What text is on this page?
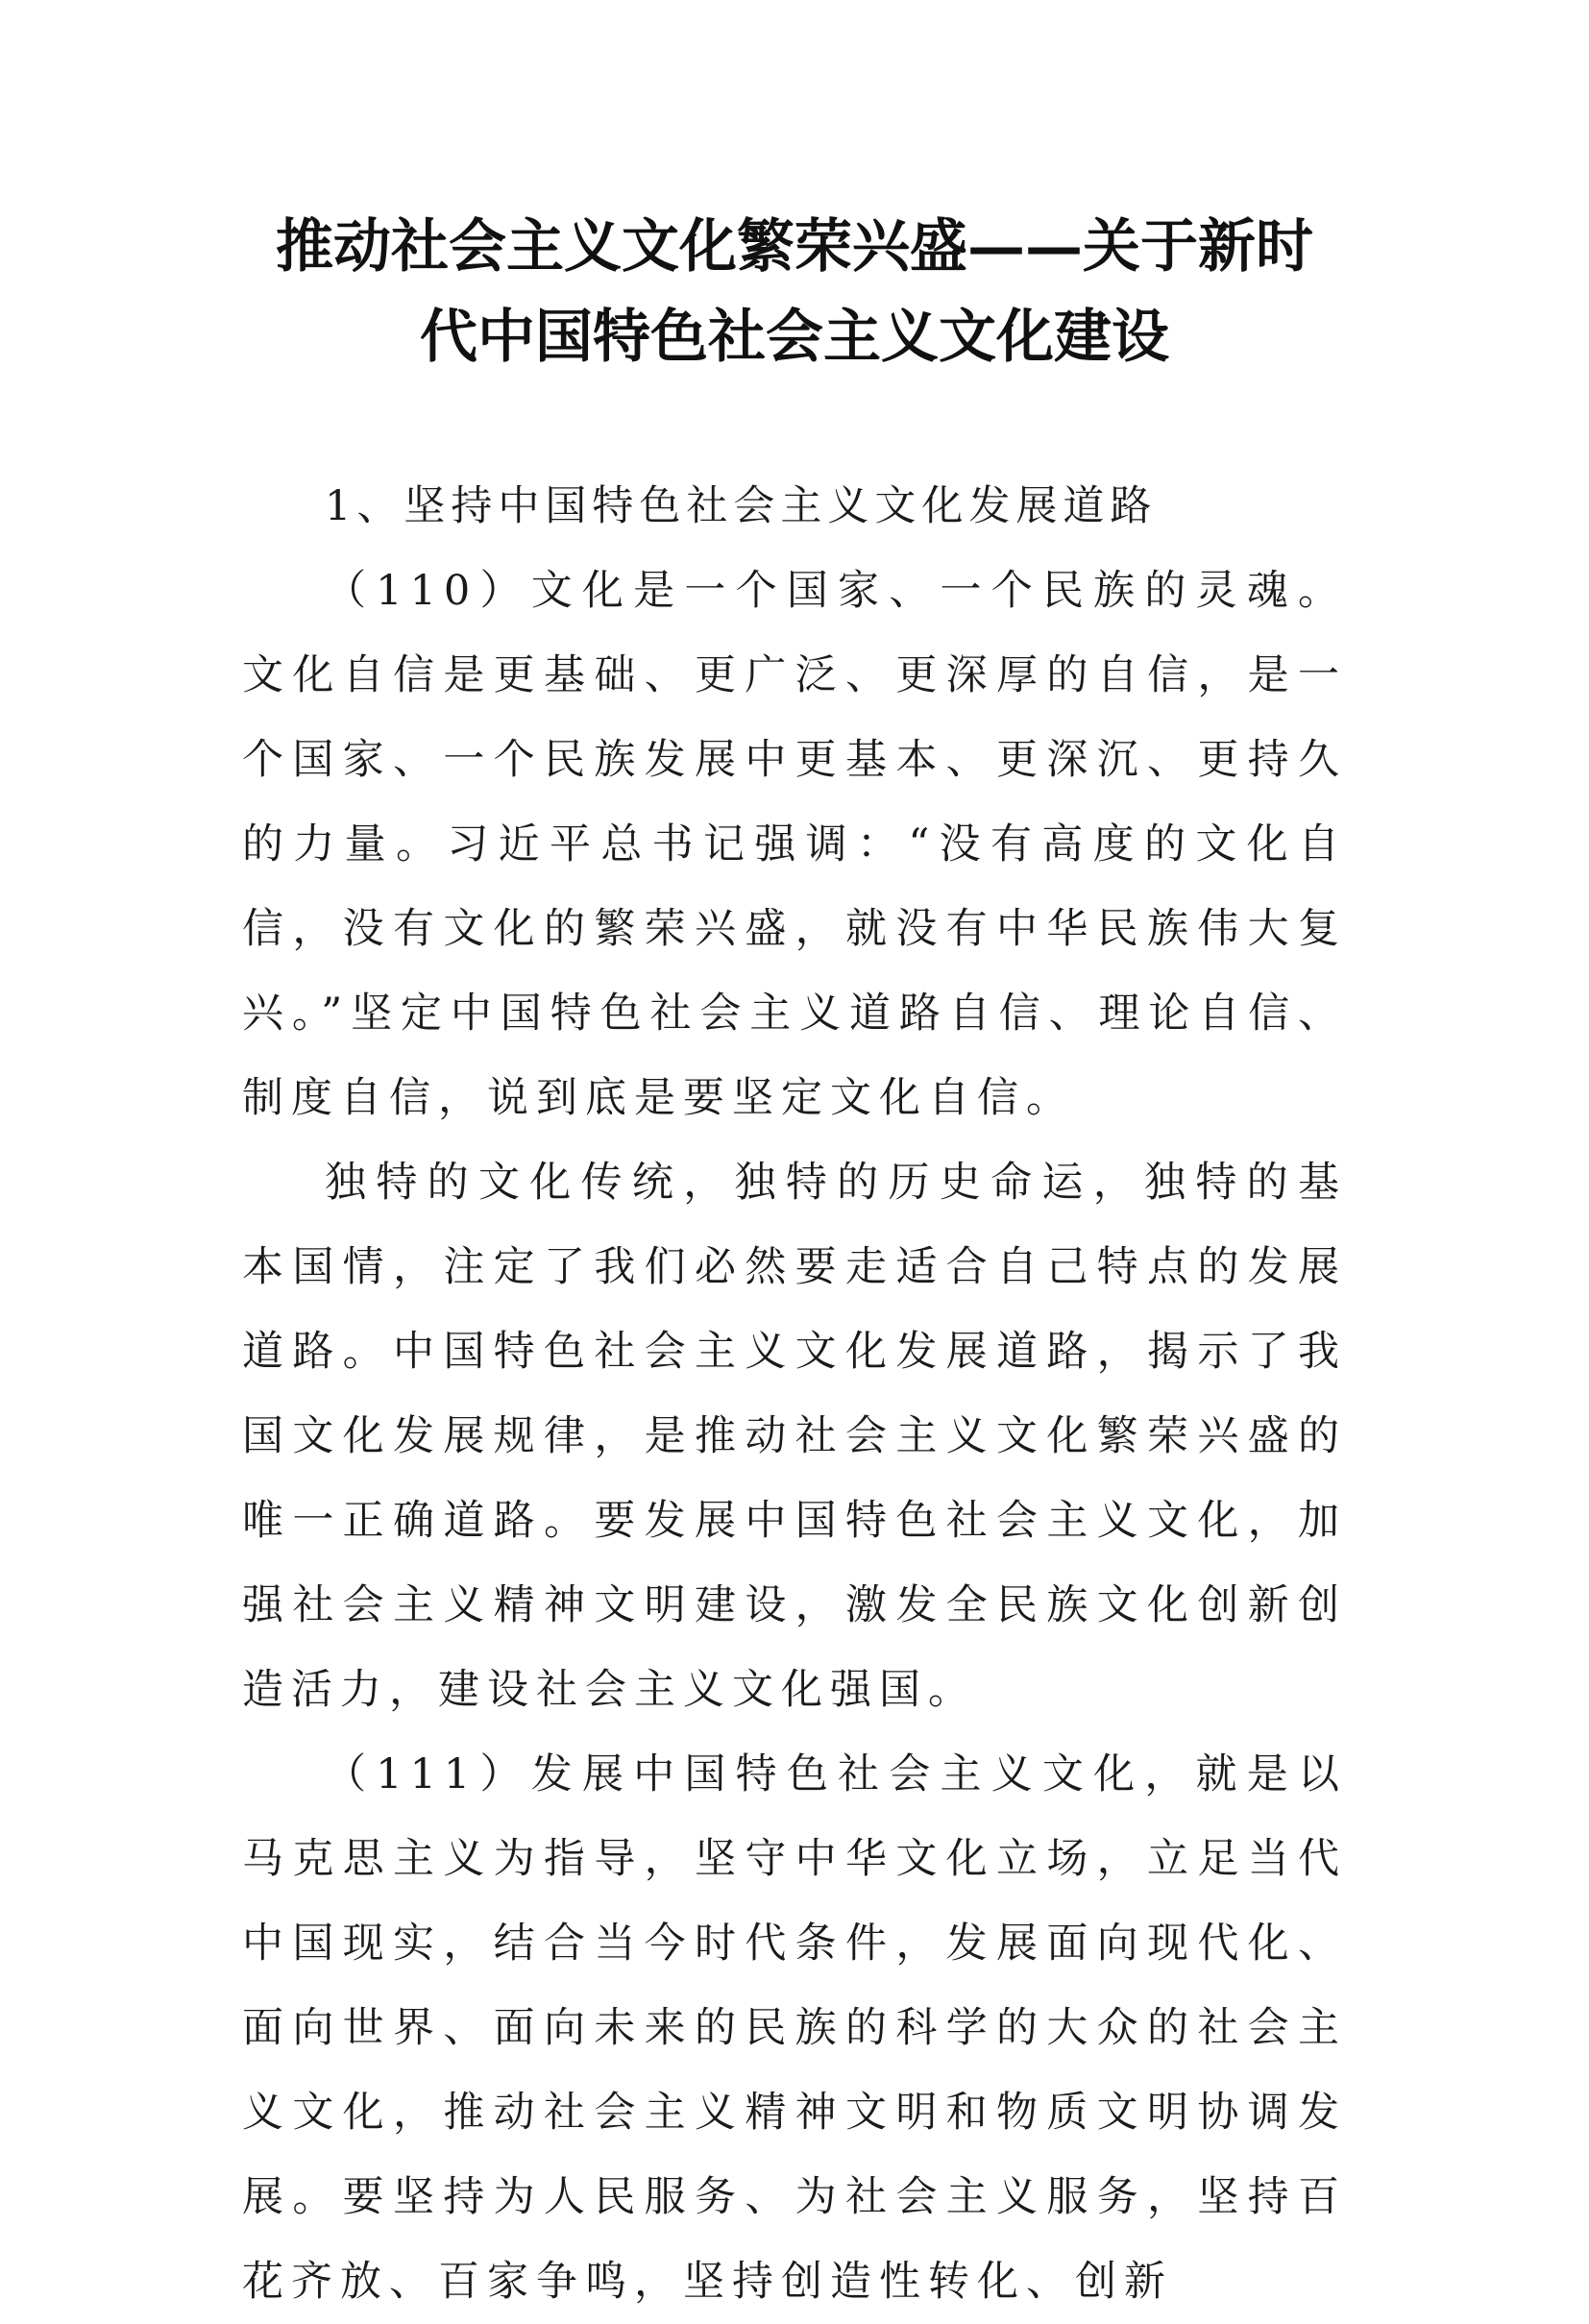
推动社会主义文化繁荣兴盛——关于新时
代中国特色社会主义文化建设

1、坚持中国特色社会主义文化发展道路

（110）文化是一个国家、一个民族的灵魂。文化自信是更基础、更广泛、更深厚的自信，是一个国家、一个民族发展中更基本、更深沉、更持久的力量。习近平总书记强调：“没有高度的文化自信，没有文化的繁荣兴盛，就没有中华民族伟大复兴。”坚定中国特色社会主义道路自信、理论自信、制度自信，说到底是要坚定文化自信。

独特的文化传统，独特的历史命运，独特的基本国情，注定了我们必然要走适合自己特点的发展道路。中国特色社会主义文化发展道路，揭示了我国文化发展规律，是推动社会主义文化繁荣兴盛的唯一正确道路。要发展中国特色社会主义文化，加强社会主义精神文明建设，激发全民族文化创新创造活力，建设社会主义文化强国。

（111）发展中国特色社会主义文化，就是以马克思主义为指导，坚守中华文化立场，立足当代中国现实，结合当今时代条件，发展面向现代化、面向世界、面向未来的民族的科学的大众的社会主义文化，推动社会主义精神文明和物质文明协调发展。要坚持为人民服务、为社会主义服务，坚持百花齐放、百家争鸣，坚持创造性转化、创新
